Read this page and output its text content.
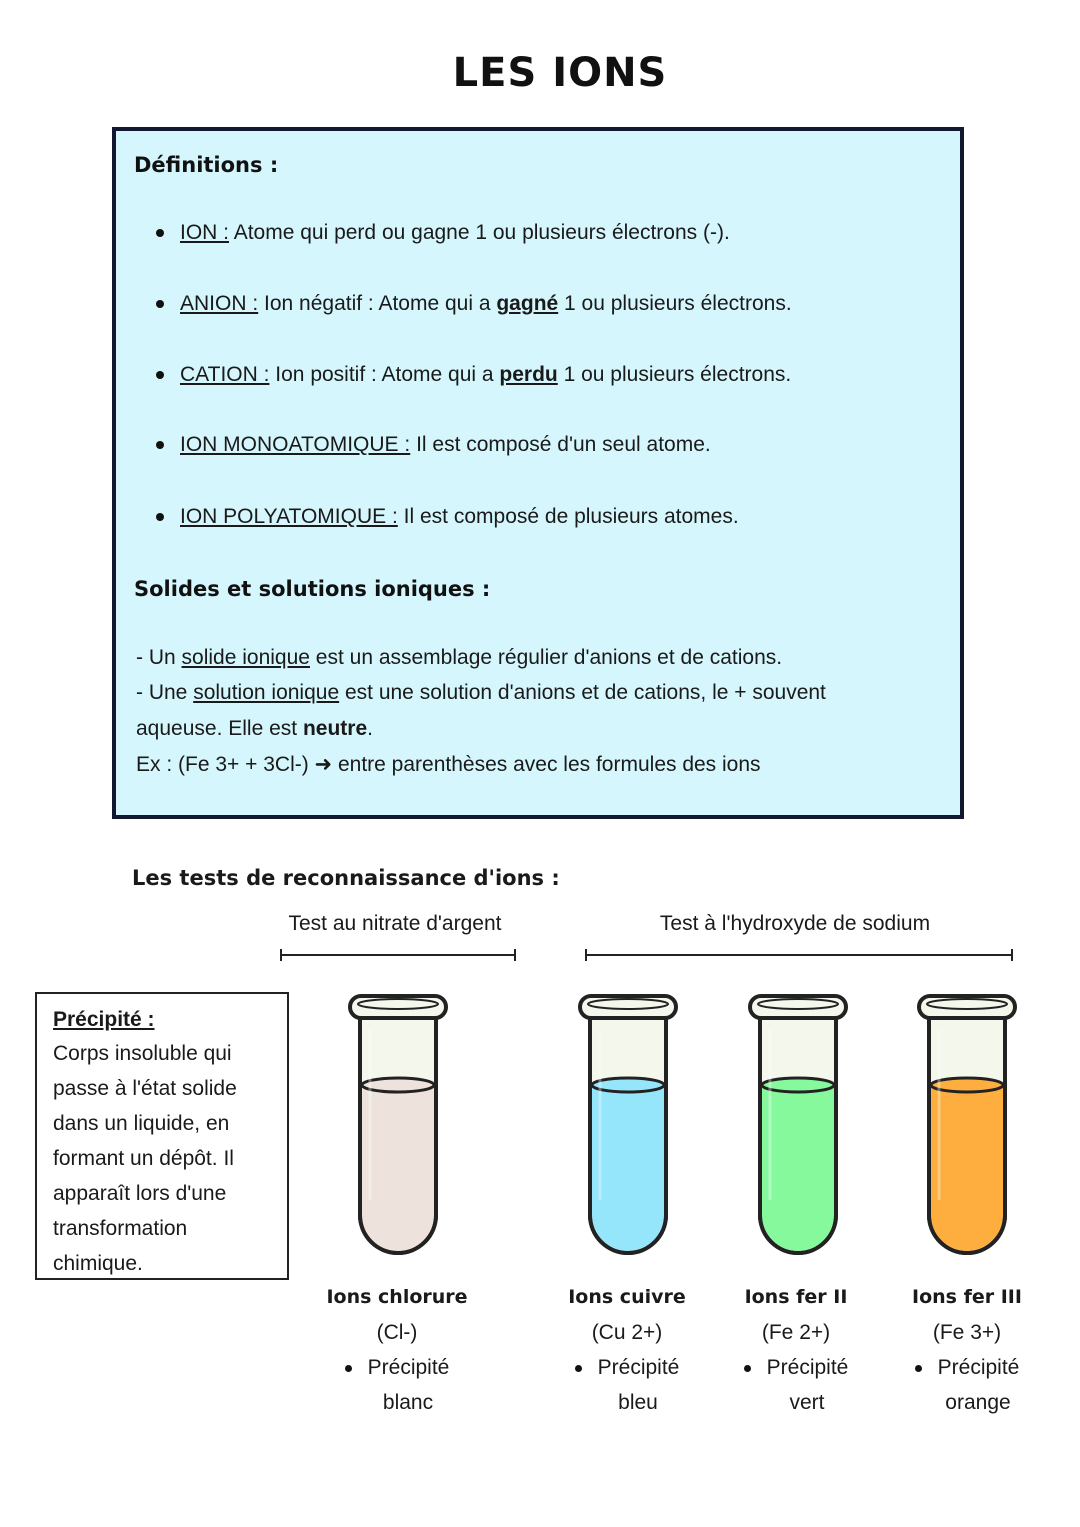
LES IONS
Définitions :
ION : Atome qui perd ou gagne 1 ou plusieurs électrons (-).
ANION : Ion négatif : Atome qui a gagné 1 ou plusieurs électrons.
CATION : Ion positif : Atome qui a perdu 1 ou plusieurs électrons.
ION MONOATOMIQUE : Il est composé d'un seul atome.
ION POLYATOMIQUE : Il est composé de plusieurs atomes.
Solides et solutions ioniques :
- Un solide ionique est un assemblage régulier d'anions et de cations.
- Une solution ionique est une solution d'anions et de cations, le + souvent
aqueuse. Elle est neutre.
Ex : (Fe 3+ + 3Cl-) ➜ entre parenthèses avec les formules des ions
Les tests de reconnaissance d'ions :
Test au nitrate d'argent	Test à l'hydroxyde de sodium
Précipité :
Corps insoluble qui
passe à l'état solide
dans un liquide, en
formant un dépôt. Il
apparaît lors d'une
transformation
chimique.
Ions chlorure
(Cl-)
Précipité
blanc
Ions cuivre
(Cu 2+)
Précipité
bleu
Ions fer II
(Fe 2+)
Précipité
vert
Ions fer III
(Fe 3+)
Précipité
orange
